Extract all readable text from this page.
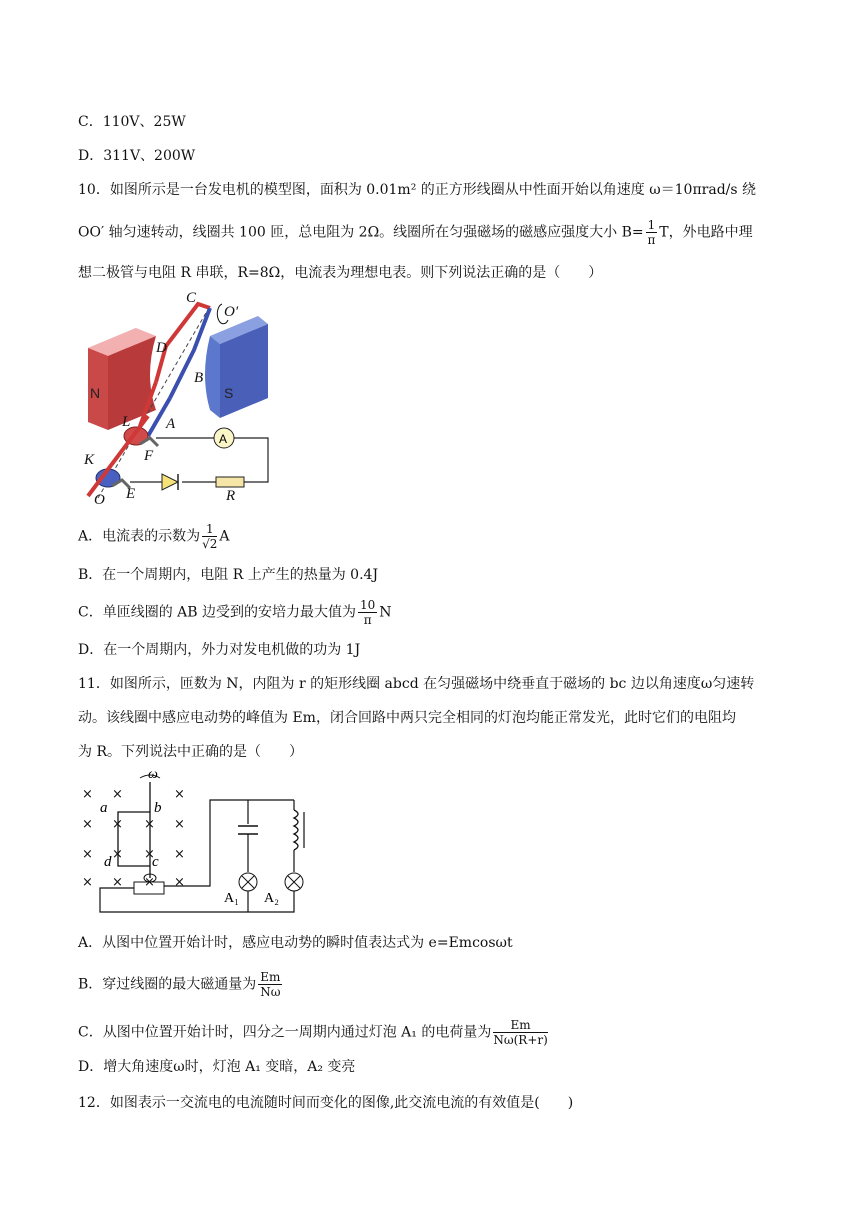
C．110V、25W
D．311V、200W
10．如图所示是一台发电机的模型图，面积为 0.01m² 的正方形线圈从中性面开始以角速度 ω＝10πrad/s 绕
OO′ 轴匀速转动，线圈共 100 匝，总电阻为 2Ω。线圈所在匀强磁场的磁感应强度大小 $B= \frac{1}{\pi}$ T，外电路中理
想二极管与电阻 R 串联，R=8Ω，电流表为理想电表。则下列说法正确的是（　　）
N	S
A
C
O′
D
B
L A
F
K
O E	R
A．电流表的示数为 $\frac{1}{√2}$ A
B．在一个周期内，电阻 R 上产生的热量为 0.4J
C．单匝线圈的 AB 边受到的安培力最大值为 $\frac{10}{\pi}$ N
D．在一个周期内，外力对发电机做的功为 1J
11．如图所示，匝数为 N，内阻为 r 的矩形线圈 abcd 在匀强磁场中绕垂直于磁场的 bc 边以角速度ω匀速转
动。该线圈中感应电动势的峰值为 Em，闭合回路中两只完全相同的灯泡均能正常发光，此时它们的电阻均
为 R。下列说法中正确的是（　　）
× ×	×
× × × ×
× × × ×
× × × ×
ω
a	b
d	c
A₁ A₂
A．从图中位置开始计时，感应电动势的瞬时值表达式为 e=Emcosωt
B．穿过线圈的最大磁通量为 $\frac{Em}{N\omega}$
C．从图中位置开始计时，四分之一周期内通过灯泡 A₁ 的电荷量为 $\frac{Em}{N\omega(R+r)}$
D．增大角速度ω时，灯泡 A₁ 变暗，A₂ 变亮
12．如图表示一交流电的电流随时间而变化的图像,此交流电流的有效值是(　　)
